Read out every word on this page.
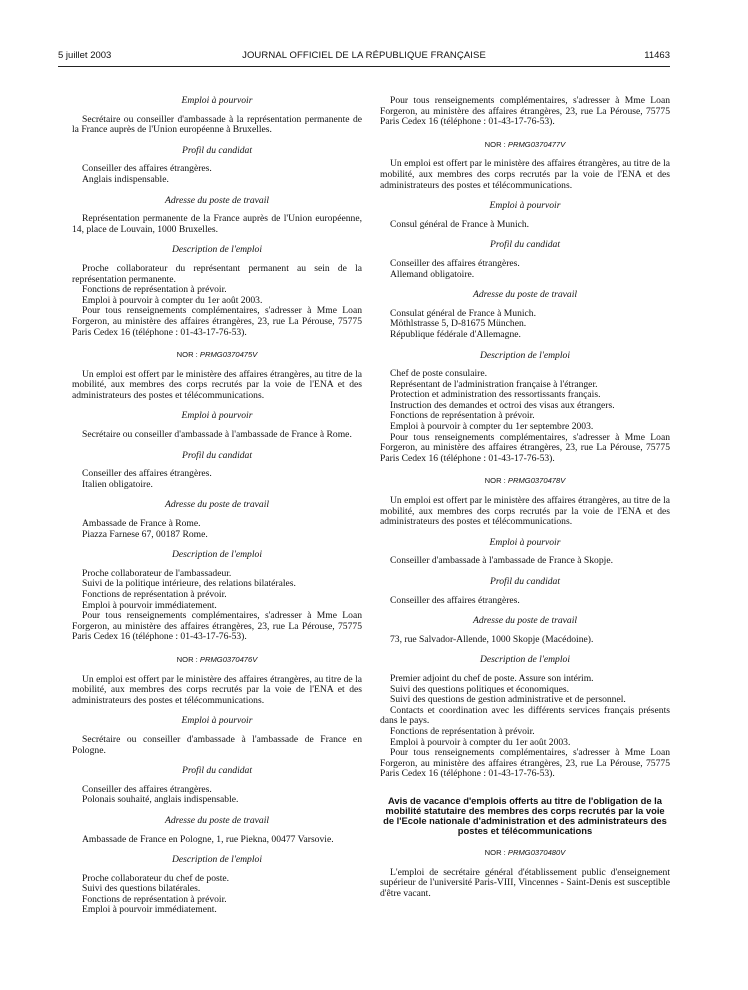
5 juillet 2003	JOURNAL OFFICIEL DE LA RÉPUBLIQUE FRANÇAISE	11463

Emploi à pourvoir

Secrétaire ou conseiller d'ambassade à la représentation permanente de la France auprès de l'Union européenne à Bruxelles.

Profil du candidat

Conseiller des affaires étrangères.

Anglais indispensable.

Adresse du poste de travail

Représentation permanente de la France auprès de l'Union européenne, 14, place de Louvain, 1000 Bruxelles.

Description de l'emploi

Proche collaborateur du représentant permanent au sein de la représentation permanente.

Fonctions de représentation à prévoir.

Emploi à pourvoir à compter du 1er août 2003.

Pour tous renseignements complémentaires, s'adresser à Mme Loan Forgeron, au ministère des affaires étrangères, 23, rue La Pérouse, 75775 Paris Cedex 16 (téléphone : 01-43-17-76-53).

NOR : PRMG0370475V

Un emploi est offert par le ministère des affaires étrangères, au titre de la mobilité, aux membres des corps recrutés par la voie de l'ENA et des administrateurs des postes et télécommunications.

Emploi à pourvoir

Secrétaire ou conseiller d'ambassade à l'ambassade de France à Rome.

Profil du candidat

Conseiller des affaires étrangères.

Italien obligatoire.

Adresse du poste de travail

Ambassade de France à Rome.

Piazza Farnese 67, 00187 Rome.

Description de l'emploi

Proche collaborateur de l'ambassadeur.

Suivi de la politique intérieure, des relations bilatérales.

Fonctions de représentation à prévoir.

Emploi à pourvoir immédiatement.

Pour tous renseignements complémentaires, s'adresser à Mme Loan Forgeron, au ministère des affaires étrangères, 23, rue La Pérouse, 75775 Paris Cedex 16 (téléphone : 01-43-17-76-53).

NOR : PRMG0370476V

Un emploi est offert par le ministère des affaires étrangères, au titre de la mobilité, aux membres des corps recrutés par la voie de l'ENA et des administrateurs des postes et télécommunications.

Emploi à pourvoir

Secrétaire ou conseiller d'ambassade à l'ambassade de France en Pologne.

Profil du candidat

Conseiller des affaires étrangères.

Polonais souhaité, anglais indispensable.

Adresse du poste de travail

Ambassade de France en Pologne, 1, rue Piekna, 00477 Varsovie.

Description de l'emploi

Proche collaborateur du chef de poste.

Suivi des questions bilatérales.

Fonctions de représentation à prévoir.

Emploi à pourvoir immédiatement.

Pour tous renseignements complémentaires, s'adresser à Mme Loan Forgeron, au ministère des affaires étrangères, 23, rue La Pérouse, 75775 Paris Cedex 16 (téléphone : 01-43-17-76-53).

NOR : PRMG0370477V

Un emploi est offert par le ministère des affaires étrangères, au titre de la mobilité, aux membres des corps recrutés par la voie de l'ENA et des administrateurs des postes et télécommunications.

Emploi à pourvoir

Consul général de France à Munich.

Profil du candidat

Conseiller des affaires étrangères.

Allemand obligatoire.

Adresse du poste de travail

Consulat général de France à Munich.

Möthlstrasse 5, D-81675 München.

République fédérale d'Allemagne.

Description de l'emploi

Chef de poste consulaire.

Représentant de l'administration française à l'étranger.

Protection et administration des ressortissants français.

Instruction des demandes et octroi des visas aux étrangers.

Fonctions de représentation à prévoir.

Emploi à pourvoir à compter du 1er septembre 2003.

Pour tous renseignements complémentaires, s'adresser à Mme Loan Forgeron, au ministère des affaires étrangères, 23, rue La Pérouse, 75775 Paris Cedex 16 (téléphone : 01-43-17-76-53).

NOR : PRMG0370478V

Un emploi est offert par le ministère des affaires étrangères, au titre de la mobilité, aux membres des corps recrutés par la voie de l'ENA et des administrateurs des postes et télécommunications.

Emploi à pourvoir

Conseiller d'ambassade à l'ambassade de France à Skopje.

Profil du candidat

Conseiller des affaires étrangères.

Adresse du poste de travail

73, rue Salvador-Allende, 1000 Skopje (Macédoine).

Description de l'emploi

Premier adjoint du chef de poste. Assure son intérim.

Suivi des questions politiques et économiques.

Suivi des questions de gestion administrative et de personnel.

Contacts et coordination avec les différents services français présents dans le pays.

Fonctions de représentation à prévoir.

Emploi à pourvoir à compter du 1er août 2003.

Pour tous renseignements complémentaires, s'adresser à Mme Loan Forgeron, au ministère des affaires étrangères, 23, rue La Pérouse, 75775 Paris Cedex 16 (téléphone : 01-43-17-76-53).

Avis de vacance d'emplois offerts au titre de l'obligation de la mobilité statutaire des membres des corps recrutés par la voie de l'Ecole nationale d'administration et des administrateurs des postes et télécommunications

NOR : PRMG0370480V

L'emploi de secrétaire général d'établissement public d'enseignement supérieur de l'université Paris-VIII, Vincennes - Saint-Denis est susceptible d'être vacant.
